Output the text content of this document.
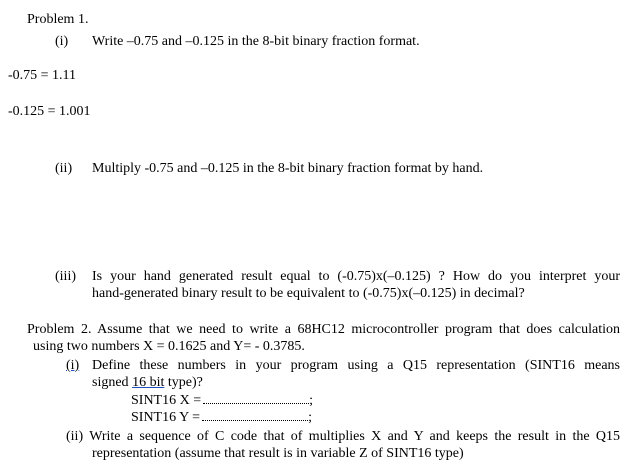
Problem 1.
(i) Write –0.75 and –0.125 in the 8-bit binary fraction format.
-0.75 = 1.11
-0.125 = 1.001
(ii) Multiply -0.75 and –0.125 in the 8-bit binary fraction format by hand.
(iii) Is your hand generated result equal to (-0.75)x(–0.125) ? How do you interpret your
hand-generated binary result to be equivalent to (-0.75)x(–0.125) in decimal?
Problem 2. Assume that we need to write a 68HC12 microcontroller program that does calculation
using two numbers X = 0.1625 and Y= - 0.3785.
(i) Define these numbers in your program using a Q15 representation (SINT16 means
signed 16 bit type)?
SINT16 X =	;
SINT16 Y =	;
(ii) Write a sequence of C code that of multiplies X and Y and keeps the result in the Q15
representation (assume that result is in variable Z of SINT16 type)
